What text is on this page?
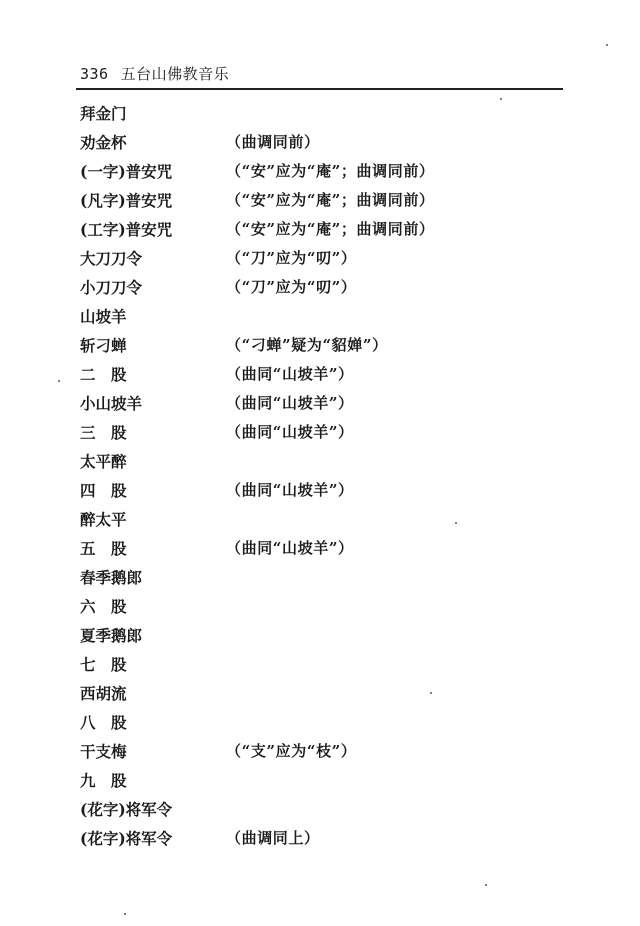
336 五台山佛教音乐
拜金门
劝金杯	（曲调同前）
(一字)普安咒	（“安”应为“庵”；曲调同前）
(凡字)普安咒	（“安”应为“庵”；曲调同前）
(工字)普安咒	（“安”应为“庵”；曲调同前）
大刀刀令	（“刀”应为“叨”）
小刀刀令	（“刀”应为“叨”）
山坡羊
斩刁蝉	（“刁蝉”疑为“貂婵”）
二　股	（曲同“山坡羊”）
小山坡羊	（曲同“山坡羊”）
三　股	（曲同“山坡羊”）
太平醉
四　股	（曲同“山坡羊”）
醉太平
五　股	（曲同“山坡羊”）
春季鹅郎
六　股
夏季鹅郎
七　股
西胡流
八　股
干支梅	（“支”应为“枝”）
九　股
(花字)将军令
(花字)将军令	（曲调同上）
